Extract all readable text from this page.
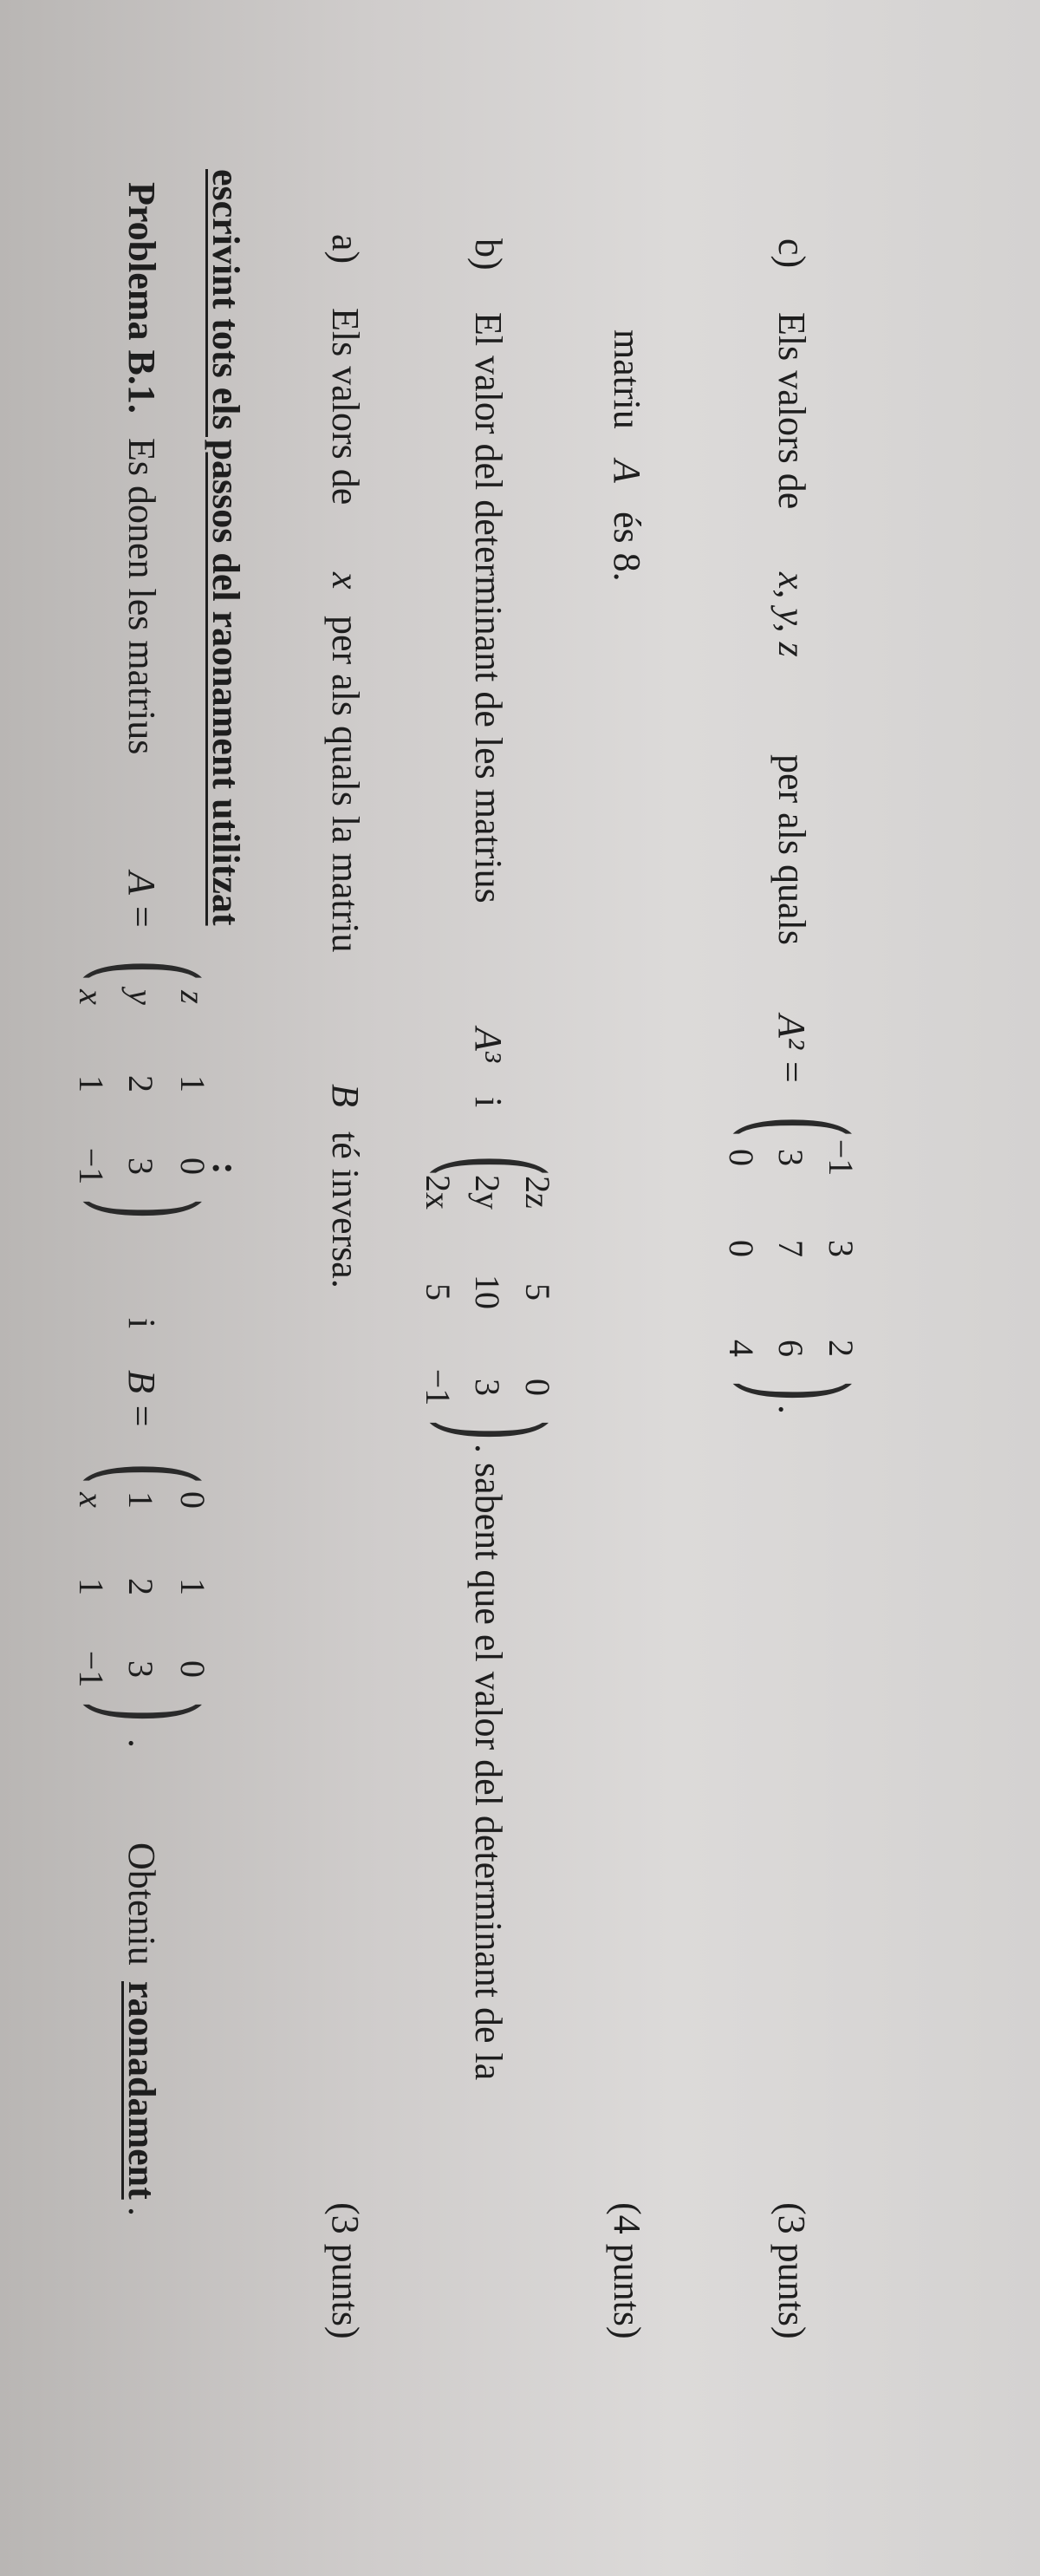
Problema B.1.
Es donen les matrius
A =
(
x
1
−1
y
2
3
z
1
0
)
i
B =
(
x
1
−1
1
2
3
0
1
0
)
.
Obteniu
raonadament
.
escrivint tots els passos del raonament utilitzat
:
a)
Els valors de
x
per als quals la matriu
B
té inversa.
(3 punts)
b)
El valor del determinant de les matrius
A³
i
(
2x
5
−1
2y
10
3
2z
5
0
)
. sabent que el valor del determinant de la
matriu
A
és 8.
(4 punts)
c)
Els valors de
x, y, z
per als quals
A² =
(
0
0
4
3
7
6
−1
3
2
)
.
(3 punts)
